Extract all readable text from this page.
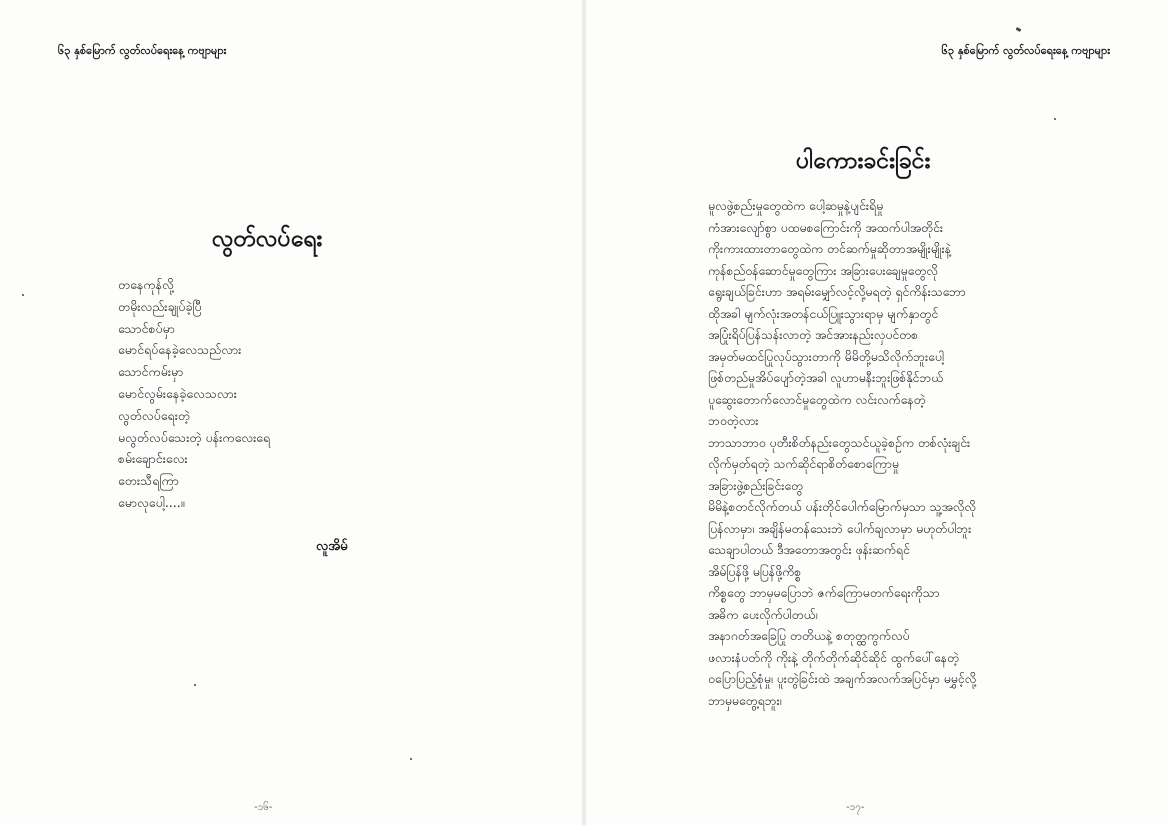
၆၃ နှစ်မြောက် လွတ်လပ်ရေးနေ့ ကဗျာများ
လွတ်လပ်ရေး
တနေကုန်လို့
တမိုးလည်းချုပ်ခဲ့ပြီ
သောင်စပ်မှာ
မောင်ရပ်နေခဲ့လေသည်လား
သောင်ကမ်းမှာ
မောင်လွမ်းနေခဲ့လေသလား
လွတ်လပ်ရေးတဲ့
မလွတ်လပ်သေးတဲ့ ပန်းကလေးရေ
စမ်းချောင်းလေး
တေးသီရကြာ
မောလုပေါ့....။
လူအိမ်
-၁၆-
၆၃ နှစ်မြောက် လွတ်လပ်ရေးနေ့ ကဗျာများ
ပါကေားခင်းခြင်း
မူလဖွဲ့စည်းမှုတွေထဲက ပေါ့ဆမှုနဲ့ပျင်းရိမှု
ကံအားလျော်စွာ ပထမစကြောင်းကို အထက်ပါအတိုင်း
ကိုးကားထားတာတွေထဲက တင်ဆက်မှုဆိုတာအမျိုးမျိုးနဲ့
ကုန်စည်ဝန်ဆောင်မှုတွေကြား အခြားပေးချေမှုတွေလို
ရွေးချယ်ခြင်းဟာ အရမ်းမျှော်လင့်လို့မရတဲ့ ရှင်ကိန်းသဘော
ထိုအခါ မျက်လုံးအတန်ငယ်ပြူးသွားရာမှ မျက်နှာတွင်
အပြုံးရိပ်ပြန်သန်းလာတဲ့ အင်အားနည်းလှပင်တစ
အမှတ်မထင်ပြုလုပ်သွားတာကို မိမိတို့မသိလိုက်ဘူးပေါ့
ဖြစ်တည်မှုအိပ်ပျော်တဲ့အခါ လူဟာမနီးဘူးဖြစ်နိုင်ဘယ်
ပူဆွေးတောက်လောင်မှုတွေထဲက လင်းလက်နေတဲ့
ဘဝတဲ့လား
ဘာသာဘာဝ ပုတီးစိတ်နည်းတွေသင်ယူခဲ့စဉ်က တစ်လုံးချင်း
လိုက်မှတ်ရတဲ့ သက်ဆိုင်ရာစိတ်စောကြောမှု
အခြားဖွဲ့စည်းခြင်းတွေ
မိမိနဲ့စတင်လိုက်တယ် ပန်းတိုင်ပေါက်မြောက်မှသာ သူ့အလိုလို
ပြန်လာမှာ၊ အချိန်မတန်သေးဘဲ ပေါက်ချလာမှာ မဟုတ်ပါဘူး
သေချာပါတယ် ဒီအတောအတွင်း ဖုန်းဆက်ရင်
အိမ်ပြန်ဖို့ မပြန်ဖို့ကိစ္စ
ကိစ္စတွေ ဘာမှမပြောဘဲ ဇက်ကြောမတက်ရေးကိုသာ
အဓိက ပေးလိုက်ပါတယ်၊
အနာဂတ်အခြေပြု တတိယနဲ့ စတုတ္ထကွက်လပ်
ဖလားနံပတ်ကို ကိုးနဲ့ တိုက်တိုက်ဆိုင်ဆိုင် ထွက်ပေါ်နေတဲ့
ဝပြောပြည့်စုံမှု၊ ပူးတွဲခြင်းထဲ အချက်အလက်အပြင်မှာ မမွှင့်လို့
ဘာမှမတွေ့ရဘူး၊
-၁၇-
